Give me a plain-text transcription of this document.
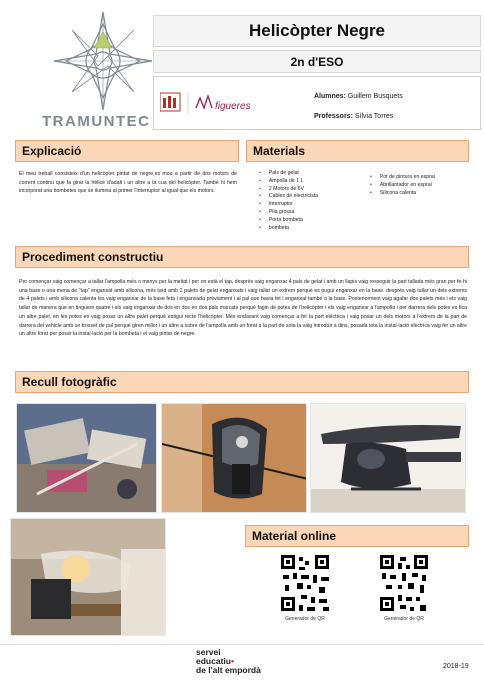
TRAMUNTEC
Helicòpter Negre
2n d'ESO
figueres
Alumnes: Guillem Busquets
Professors: Sílvia Torres
Explicació
El meu treball consisteix d'un helicòpter pintat de negre,es mou a partir de dos motors de corrent continu que fa girar la hèlice d'adalt i un altre a la cua del helicòpter. També hi hem incorporat una bombetes que se ilumina al primer l'interruptor al igual que els motors.
Materials
• Pals de gelat
• Ampolla de 1 L
• 2 Motors de 6V
• Cables de electricista
• Interruptor
• Pila grossa
• Porta bombeta
• bombeta
• Pot de pintura en esprai
• Abrillantador en esprai
• Silicona calenta
Procediment constructiu
Per començar vaig començar a tallar l'ampolla més o menys per la meitat i per on està el tap, desprès vaig enganxar 4 pals de gelat i amb un llapis vaig resseguir la part tallada més gran per fe-hi una base o una mena de "tap" enganxat amb silicona, més tard amb 2 palets de gelat enganxats i vaig tallar un extrem perquè es pugui enganxar en la base. després vaig tallar un dels extrems de 4 palets i amb silicona calenta les vaig enganxar de la base feta i enganxada prèviament i al pal que havia fet i enganxat també a la base. Posteriorment vaig agafar dos palets més i els vaig tallar de manera que en tinguem quatre i els vaig enganxar de dos en dos en dos pals marcats perquè fagin de potes de l'helicòpter i els vaig enganxar a l'ampolla i per darrera dels potes es fica un altre palet, en les potes en vaig posar un altre palet perquè estigui recte l'helicòpter. Més endavant vaig començar a fer la part elèctrica i vaig posar un dels motors a l'extrem de la part de darrera del vehicle amb un trosset de pal perquè giren millor i un altre a sobre de l'ampolla amb un forat a la part de sota la vaig introduir a dins, posada tota la instal·lació elèctrica vaig fer un altre un altre forat per posar la instal·lació per la bombeta i el vaig pintar de negre.
Recull fotogràfic
Material online
Generador de QR	Generador de QR
servei
educatiu•
de l'alt empordà	2018-19
